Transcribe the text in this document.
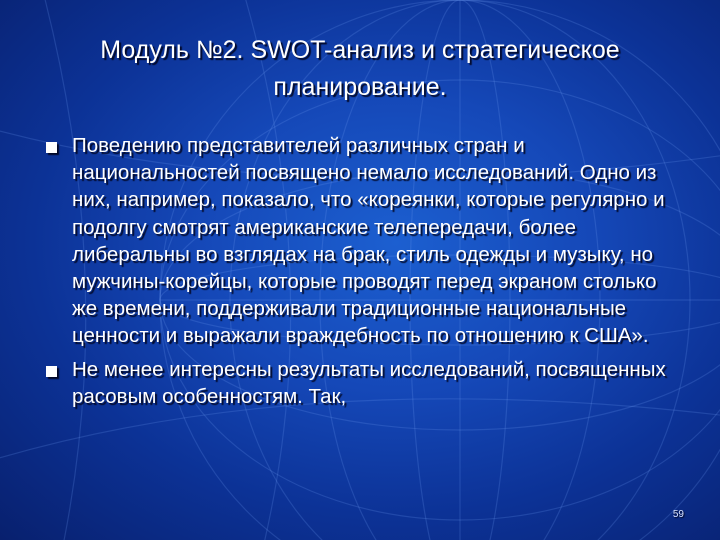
Модуль №2. SWOT-анализ и стратегическое
планирование.
Поведению представителей различных стран и национальностей посвящено немало исследований. Одно из них, например, показало, что «кореянки, которые регулярно и подолгу смотрят американские телепередачи, более либеральны во взглядах на брак, стиль одежды и музыку, но мужчины-корейцы, которые проводят перед экраном столько же времени, поддерживали традиционные национальные ценности и выражали враждебность по отношению к США».
Не менее интересны результаты исследований, посвященных расовым особенностям. Так,
59
